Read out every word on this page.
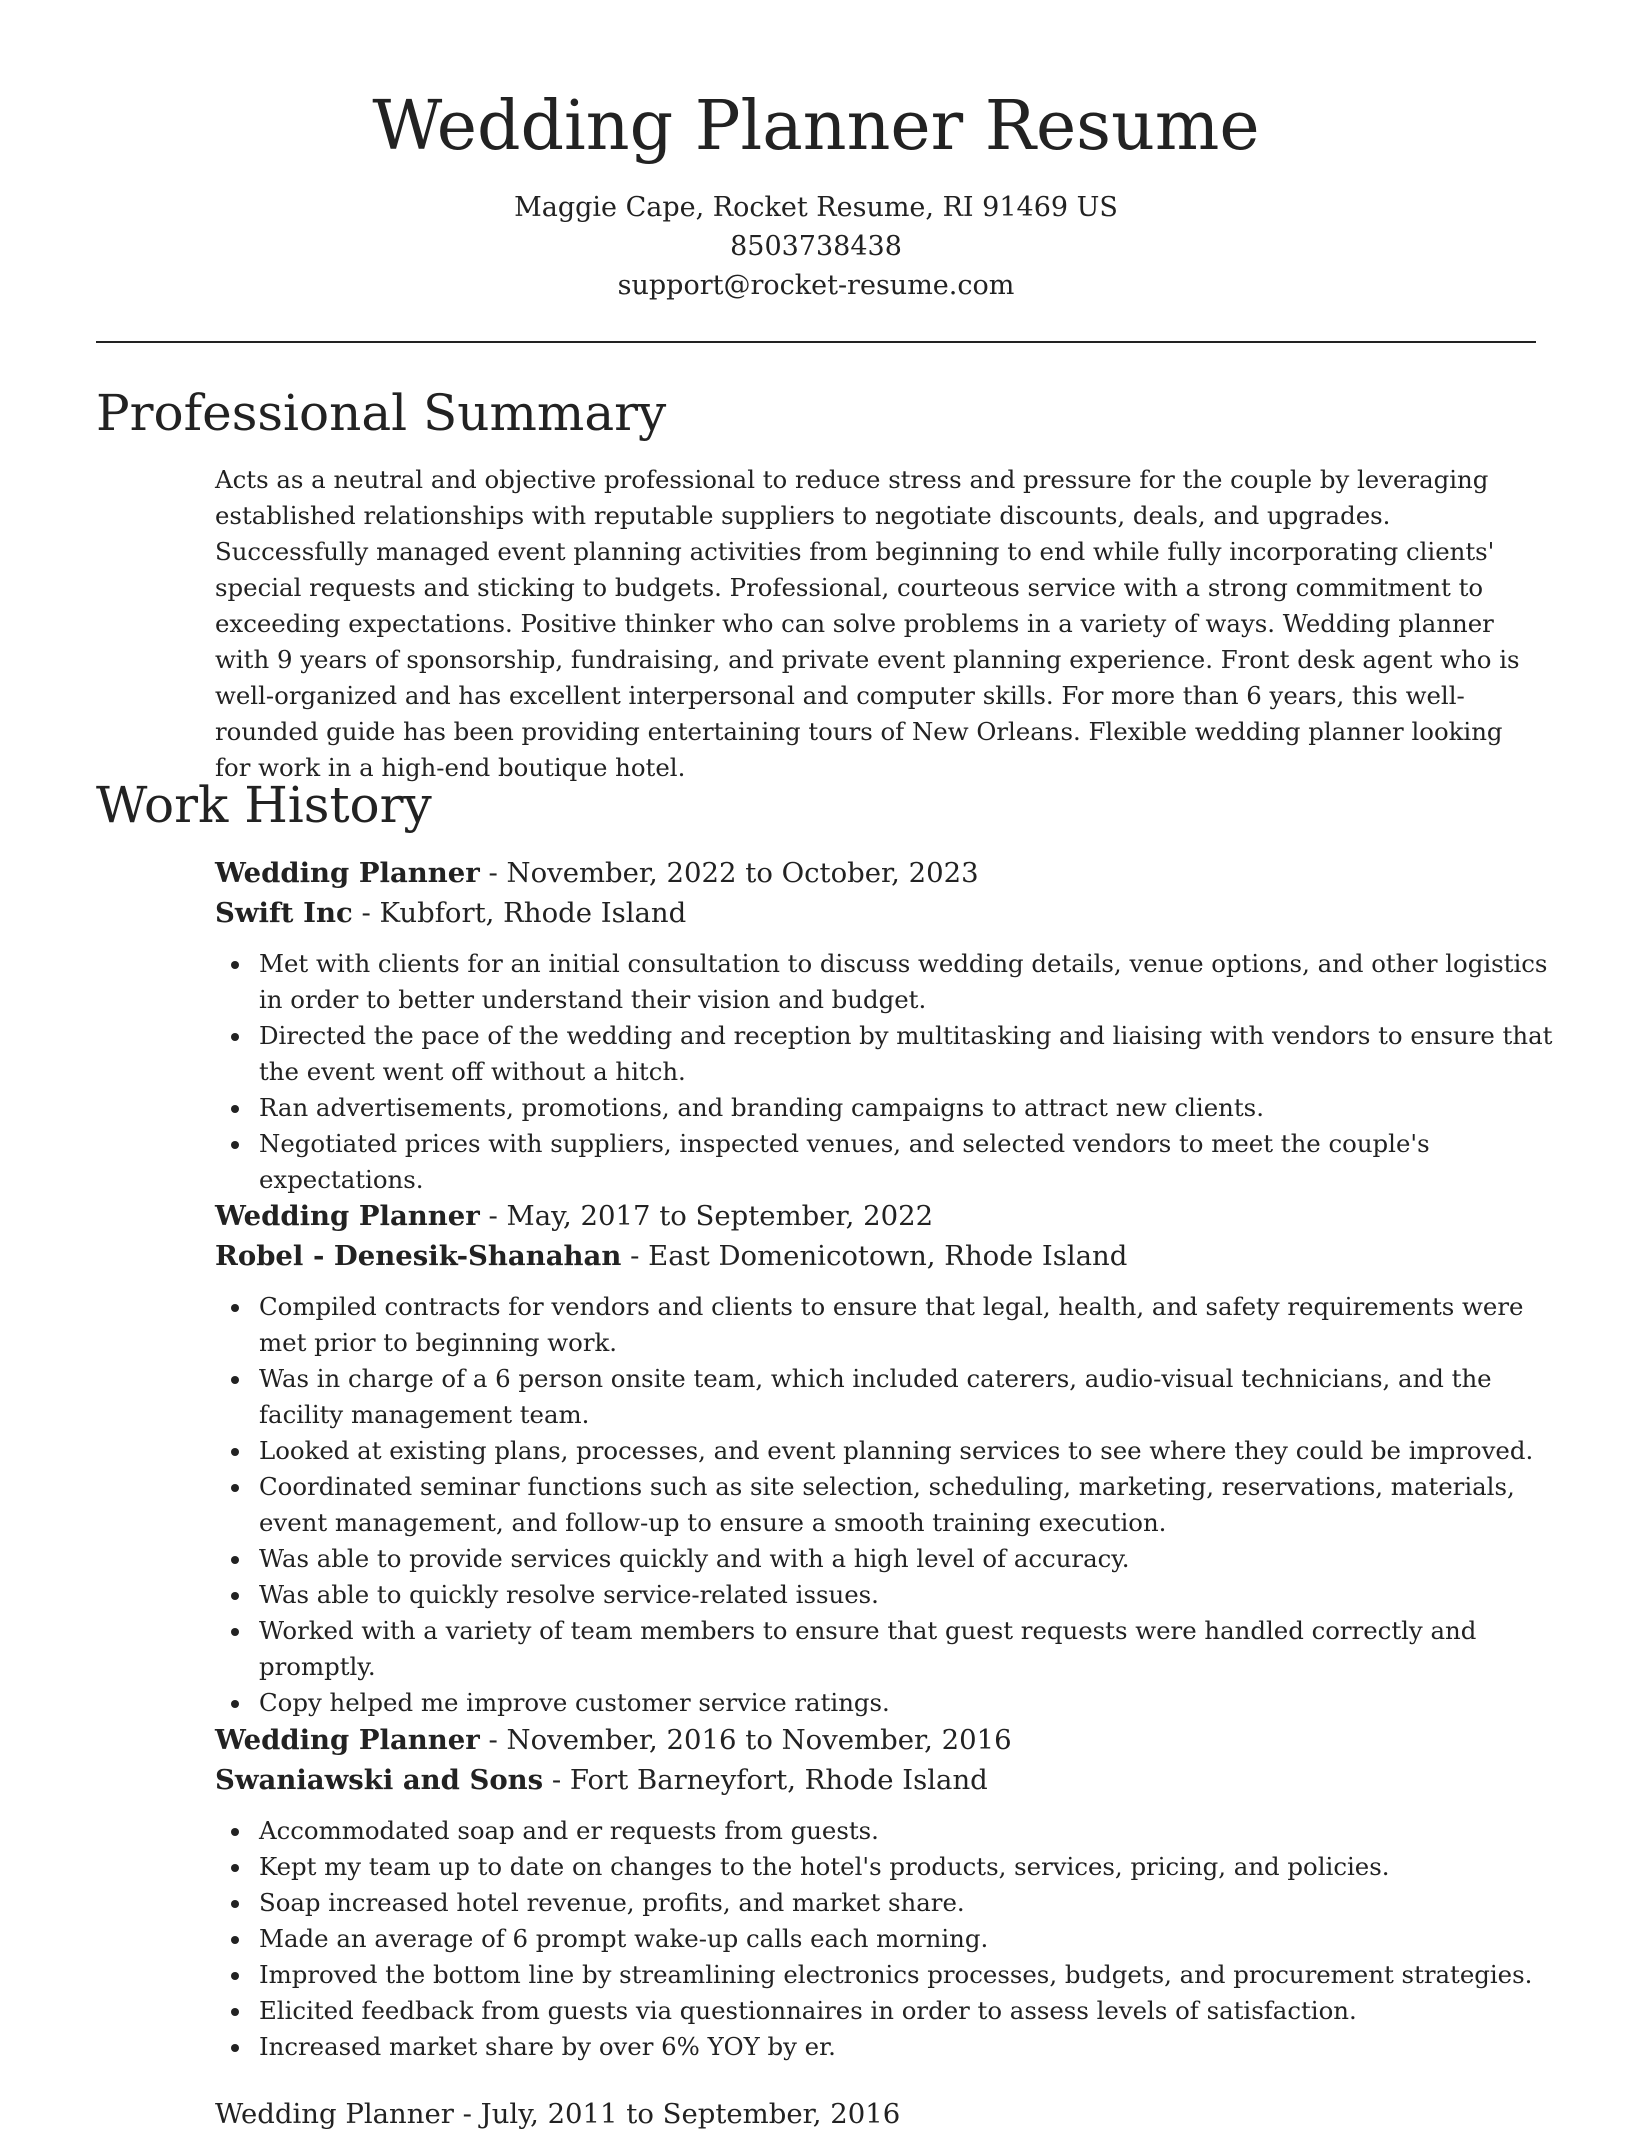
Wedding Planner Resume

Maggie Cape, Rocket Resume, RI 91469 US

8503738438

support@rocket-resume.com

Professional Summary

Acts as a neutral and objective professional to reduce stress and pressure for the couple by leveraging established relationships with reputable suppliers to negotiate discounts, deals, and upgrades. Successfully managed event planning activities from beginning to end while fully incorporating clients' special requests and sticking to budgets. Professional, courteous service with a strong commitment to exceeding expectations. Positive thinker who can solve problems in a variety of ways. Wedding planner with 9 years of sponsorship, fundraising, and private event planning experience. Front desk agent who is well-organized and has excellent interpersonal and computer skills. For more than 6 years, this well-rounded guide has been providing entertaining tours of New Orleans. Flexible wedding planner looking for work in a high-end boutique hotel.

Work History

Wedding Planner - November, 2022 to October, 2023

Swift Inc - Kubfort, Rhode Island

Met with clients for an initial consultation to discuss wedding details, venue options, and other logistics in order to better understand their vision and budget.
Directed the pace of the wedding and reception by multitasking and liaising with vendors to ensure that the event went off without a hitch.
Ran advertisements, promotions, and branding campaigns to attract new clients.
Negotiated prices with suppliers, inspected venues, and selected vendors to meet the couple's expectations.

Wedding Planner - May, 2017 to September, 2022

Robel - Denesik-Shanahan - East Domenicotown, Rhode Island

Compiled contracts for vendors and clients to ensure that legal, health, and safety requirements were met prior to beginning work.
Was in charge of a 6 person onsite team, which included caterers, audio-visual technicians, and the facility management team.
Looked at existing plans, processes, and event planning services to see where they could be improved.
Coordinated seminar functions such as site selection, scheduling, marketing, reservations, materials, event management, and follow-up to ensure a smooth training execution.
Was able to provide services quickly and with a high level of accuracy.
Was able to quickly resolve service-related issues.
Worked with a variety of team members to ensure that guest requests were handled correctly and promptly.
Copy helped me improve customer service ratings.

Wedding Planner - November, 2016 to November, 2016

Swaniawski and Sons - Fort Barneyfort, Rhode Island

Accommodated soap and er requests from guests.
Kept my team up to date on changes to the hotel's products, services, pricing, and policies.
Soap increased hotel revenue, profits, and market share.
Made an average of 6 prompt wake-up calls each morning.
Improved the bottom line by streamlining electronics processes, budgets, and procurement strategies.
Elicited feedback from guests via questionnaires in order to assess levels of satisfaction.
Increased market share by over 6% YOY by er.
Wedding Planner - July, 2011 to September, 2016
